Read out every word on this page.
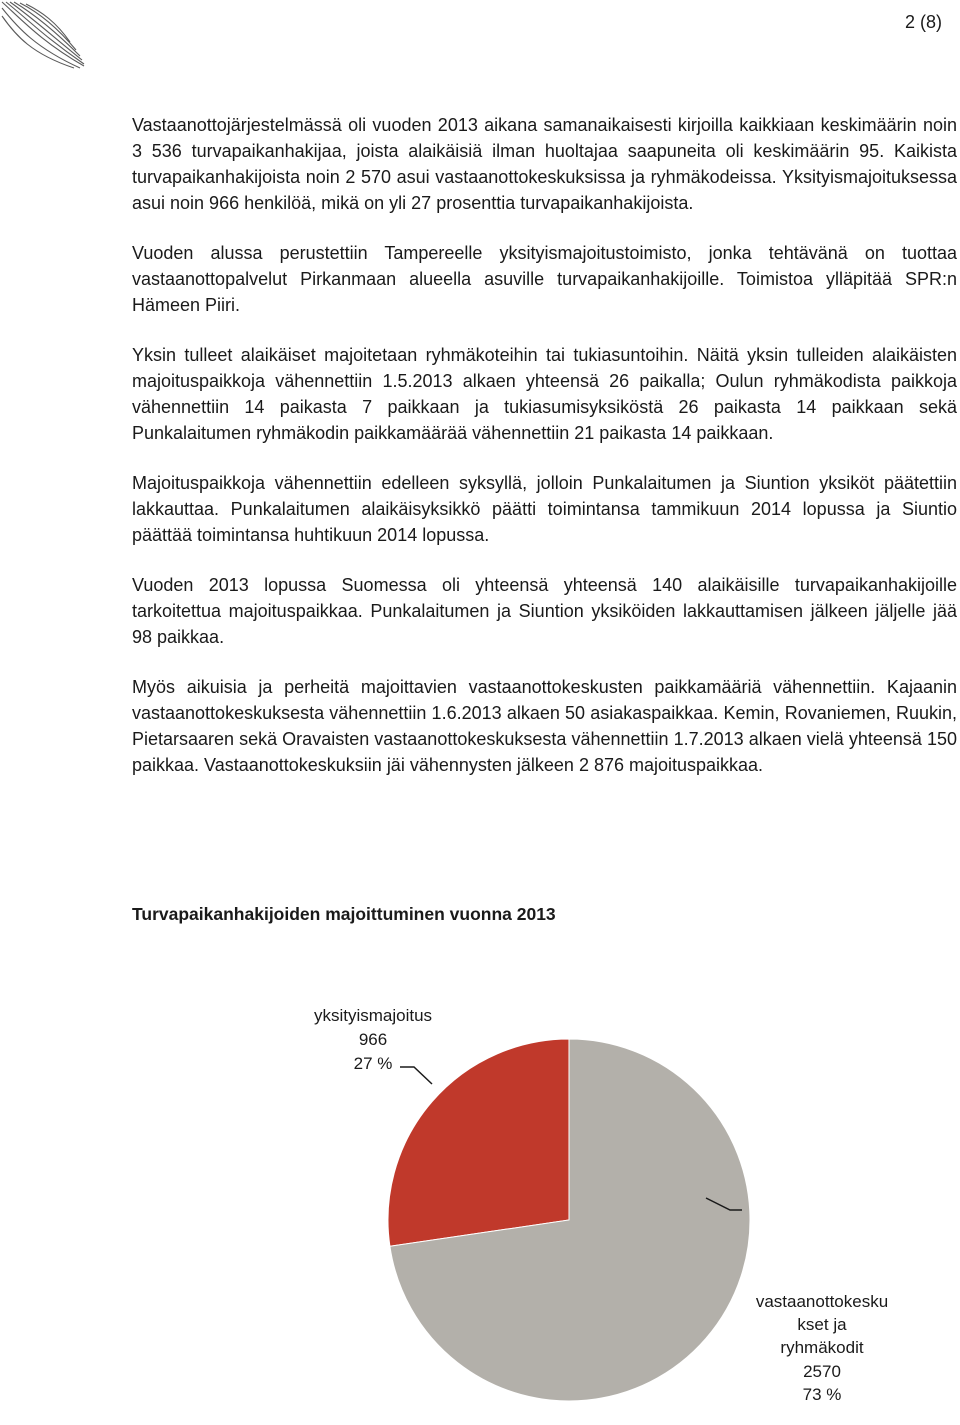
2 (8)

Vastaanottojärjestelmässä oli vuoden 2013 aikana samanaikaisesti kirjoilla kaikkiaan keskimäärin noin 3 536 turvapaikanhakijaa, joista alaikäisiä ilman huoltajaa saapuneita oli keskimäärin 95. Kaikista turvapaikanhakijoista noin 2 570 asui vastaanottokeskuksissa ja ryhmäkodeissa. Yksityismajoituksessa asui noin 966 henkilöä, mikä on yli 27 prosenttia turvapaikanhakijoista.

Vuoden alussa perustettiin Tampereelle yksityismajoitustoimisto, jonka tehtävänä on tuottaa vastaanottopalvelut Pirkanmaan alueella asuville turvapaikanhakijoille. Toimistoa ylläpitää SPR:n Hämeen Piiri.

Yksin tulleet alaikäiset majoitetaan ryhmäkoteihin tai tukiasuntoihin. Näitä yksin tulleiden alaikäisten majoituspaikkoja vähennettiin 1.5.2013 alkaen yhteensä 26 paikalla; Oulun ryhmäkodista paikkoja vähennettiin 14 paikasta 7 paikkaan ja tukiasumisyksiköstä 26 paikasta 14 paikkaan sekä Punkalaitumen ryhmäkodin paikkamäärää vähennettiin 21 paikasta 14 paikkaan.

Majoituspaikkoja vähennettiin edelleen syksyllä, jolloin Punkalaitumen ja Siuntion yksiköt päätettiin lakkauttaa. Punkalaitumen alaikäisyksikkö päätti toimintansa tammikuun 2014 lopussa ja Siuntio päättää toimintansa huhtikuun 2014 lopussa.

Vuoden 2013 lopussa Suomessa oli yhteensä yhteensä 140 alaikäisille turvapaikanhakijoille tarkoitettua majoituspaikkaa. Punkalaitumen ja Siuntion yksiköiden lakkauttamisen jälkeen jäljelle jää 98 paikkaa.

Myös aikuisia ja perheitä majoittavien vastaanottokeskusten paikkamääriä vähennettiin. Kajaanin vastaanottokeskuksesta vähennettiin 1.6.2013 alkaen 50 asiakaspaikkaa. Kemin, Rovaniemen, Ruukin, Pietarsaaren sekä Oravaisten vastaanottokeskuksesta vähennettiin 1.7.2013 alkaen vielä yhteensä 150 paikkaa. Vastaanottokeskuksiin jäi vähennysten jälkeen 2 876 majoituspaikkaa.

Turvapaikanhakijoiden majoittuminen vuonna 2013
yksityismajoitus
966
27 %
vastaanottokesku
kset ja
ryhmäkodit
2570
73 %
